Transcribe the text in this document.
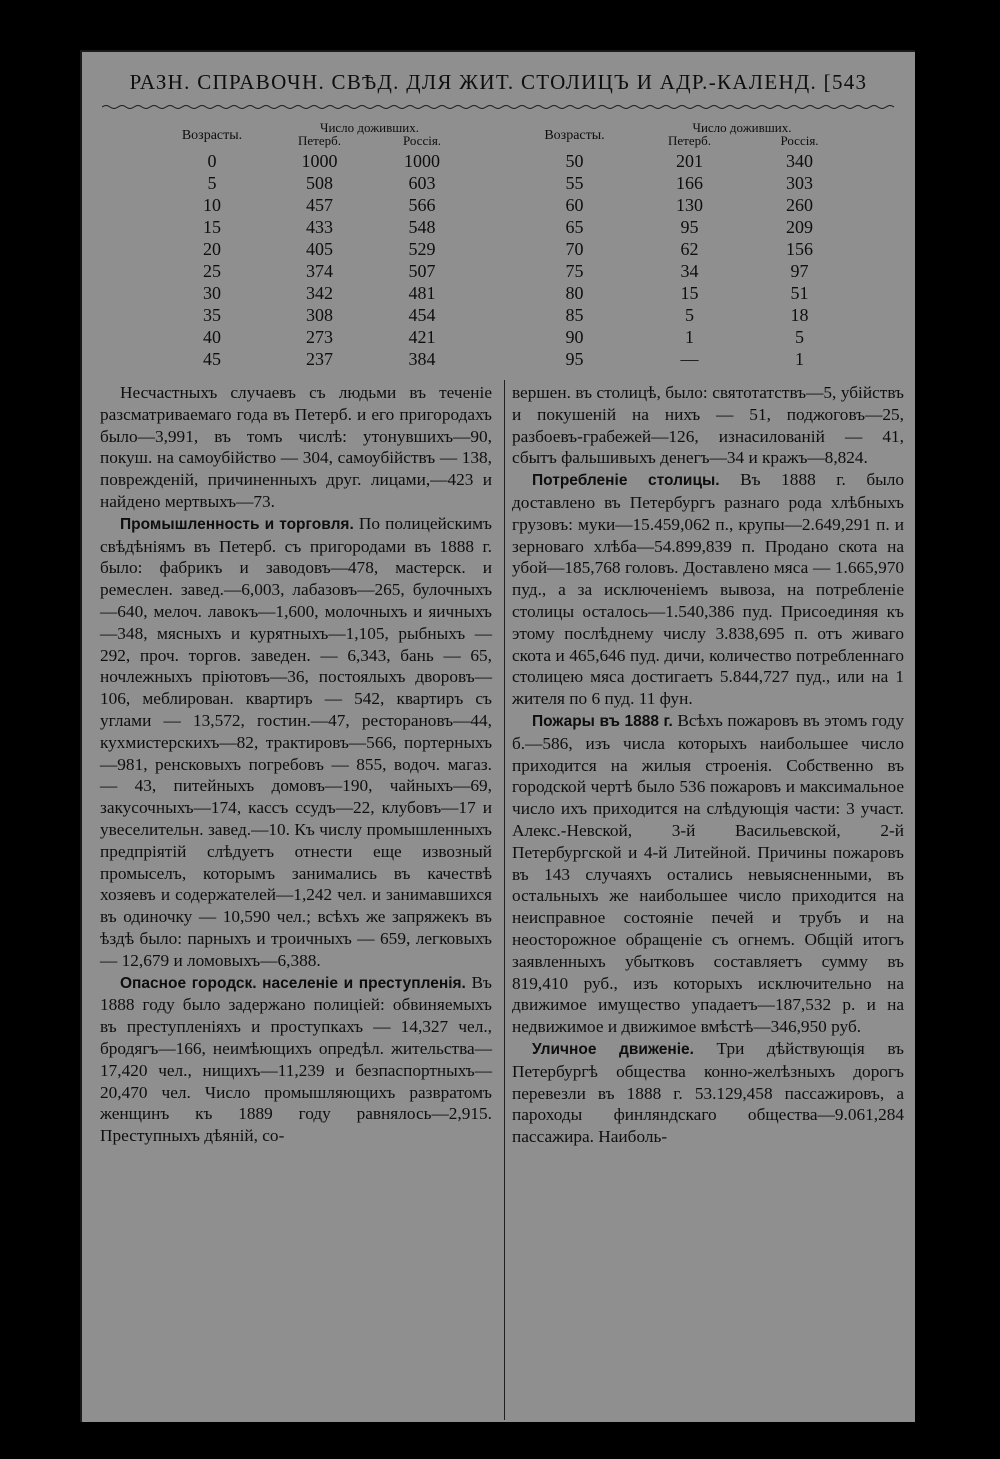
РАЗН. СПРАВОЧН. СВѢД. ДЛЯ ЖИТ. СТОЛИЦЪ И АДР.-КАЛЕНД. [543
Возрасты.	Число доживших.	
	Петерб.	Россія.
0	1000	1000
5	508	603
10	457	566
15	433	548
20	405	529
25	374	507
30	342	481
35	308	454
40	273	421
45	237	384
Возрасты.	Число доживших.	
	Петерб.	Россія.
50	201	340
55	166	303
60	130	260
65	95	209
70	62	156
75	34	97
80	15	51
85	5	18
90	1	5
95	—	1

Несчастныхъ случаевъ съ людьми въ теченіе разсматриваемаго года въ Петерб. и его пригородахъ было—3,991, въ томъ числѣ: утонувшихъ—90, покуш. на самоубійство — 304, самоубійствъ — 138, поврежденій, причиненныхъ друг. лицами,—423 и найдено мертвыхъ—73.

Промышленность и торговля. По полицейскимъ свѣдѣніямъ въ Петерб. съ пригородами въ 1888 г. было: фабрикъ и заводовъ—478, мастерск. и ремеслен. завед.—6,003, лабазовъ—265, булочныхъ—640, мелоч. лавокъ—1,600, молочныхъ и яичныхъ—348, мясныхъ и курятныхъ—1,105, рыбныхъ — 292, проч. торгов. заведен. — 6,343, бань — 65, ночлежныхъ пріютовъ—36, постоялыхъ дворовъ—106, меблирован. квартиръ — 542, квартиръ съ углами — 13,572, гостин.—47, ресторановъ—44, кухмистерскихъ—82, трактировъ—566, портерныхъ—981, ренсковыхъ погребовъ — 855, водоч. магаз. — 43, питейныхъ домовъ—190, чайныхъ—69, закусочныхъ—174, кассъ ссудъ—22, клубовъ—17 и увеселительн. завед.—10. Къ числу промышленныхъ предпріятій слѣдуетъ отнести еще извозный промыселъ, которымъ занимались въ качествѣ хозяевъ и содержателей—1,242 чел. и занимавшихся въ одиночку — 10,590 чел.; всѣхъ же запряжекъ въ ѣздѣ было: парныхъ и троичныхъ — 659, легковыхъ — 12,679 и ломовыхъ—6,388.

Опасное городск. населеніе и преступленія. Въ 1888 году было задержано полиціей: обвиняемыхъ въ преступленіяхъ и проступкахъ — 14,327 чел., бродягъ—166, неимѣющихъ опредѣл. жительства—17,420 чел., нищихъ—11,239 и безпаспортныхъ—20,470 чел. Число промышляющихъ развратомъ женщинъ къ 1889 году равнялось—2,915. Преступныхъ дѣяній, со-

вершен. въ столицѣ, было: святотатствъ—5, убійствъ и покушеній на нихъ — 51, поджоговъ—25, разбоевъ-грабежей—126, изнасилованій — 41, сбытъ фальшивыхъ денегъ—34 и кражъ—8,824.

Потребленіе столицы. Въ 1888 г. было доставлено въ Петербургъ разнаго рода хлѣбныхъ грузовъ: муки—15.459,062 п., крупы—2.649,291 п. и зерноваго хлѣба—54.899,839 п. Продано скота на убой—185,768 головъ. Доставлено мяса — 1.665,970 пуд., а за исключеніемъ вывоза, на потребленіе столицы осталось—1.540,386 пуд. Присоединяя къ этому послѣднему числу 3.838,695 п. отъ живаго скота и 465,646 пуд. дичи, количество потребленнаго столицею мяса достигаетъ 5.844,727 пуд., или на 1 жителя по 6 пуд. 11 фун.

Пожары въ 1888 г. Всѣхъ пожаровъ въ этомъ году б.—586, изъ числа которыхъ наибольшее число приходится на жилыя строенія. Собственно въ городской чертѣ было 536 пожаровъ и максимальное число ихъ приходится на слѣдующія части: 3 участ. Алекс.-Невской, 3-й Васильевской, 2-й Петербургской и 4-й Литейной. Причины пожаровъ въ 143 случаяхъ остались невыясненными, въ остальныхъ же наибольшее число приходится на неисправное состояніе печей и трубъ и на неосторожное обращеніе съ огнемъ. Общій итогъ заявленныхъ убытковъ составляетъ сумму въ 819,410 руб., изъ которыхъ исключительно на движимое имущество упадаетъ—187,532 р. и на недвижимое и движимое вмѣстѣ—346,950 руб.

Уличное движеніе. Три дѣйствующія въ Петербургѣ общества конно-желѣзныхъ дорогъ перевезли въ 1888 г. 53.129,458 пассажировъ, а пароходы финляндскаго общества—9.061,284 пассажира. Наиболь-
